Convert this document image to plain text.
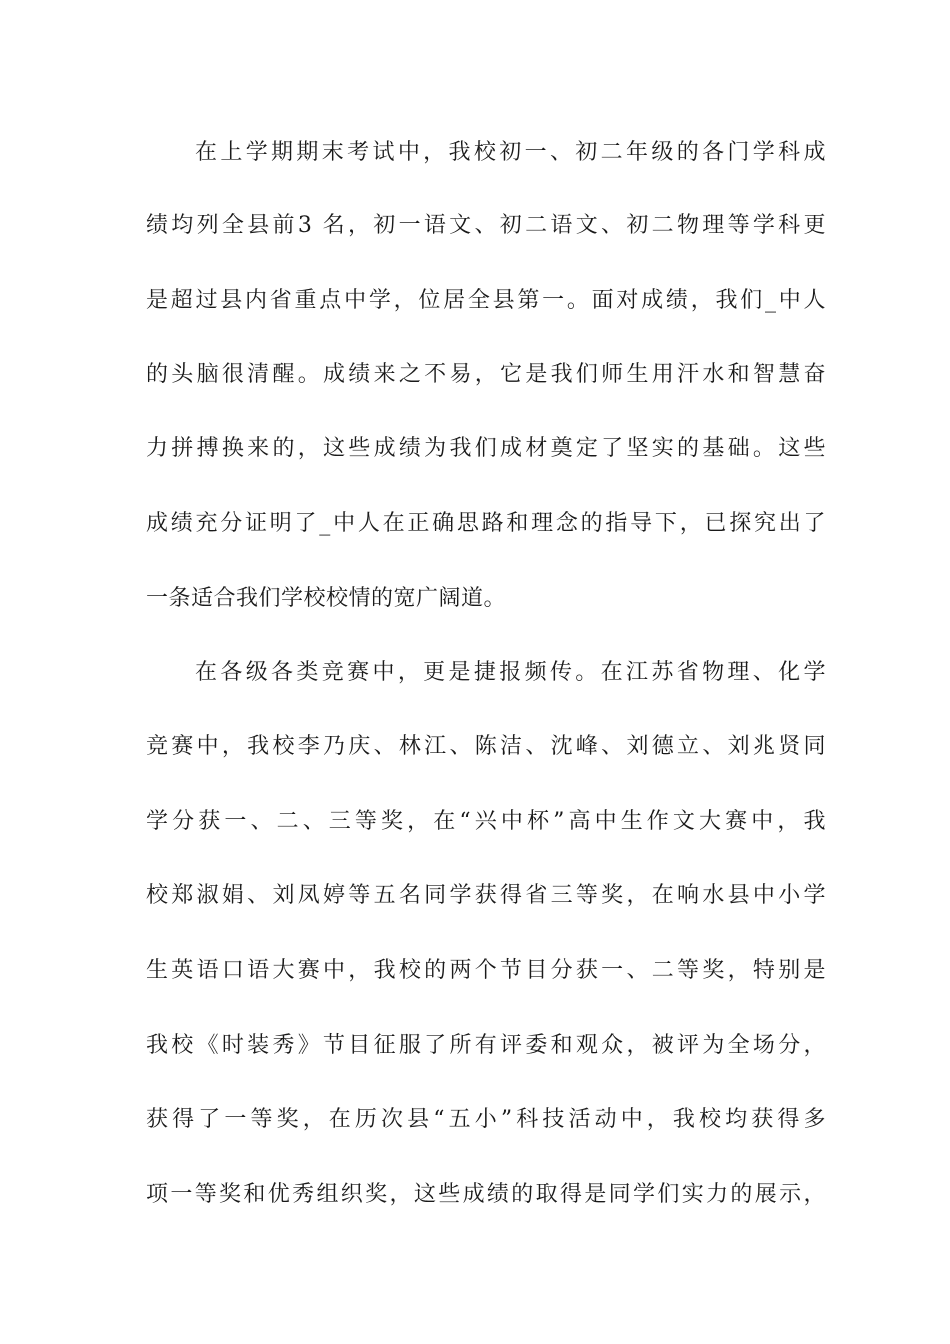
在上学期期末考试中，我校初一、初二年级的各门学科成
绩均列全县前3 名，初一语文、初二语文、初二物理等学科更
是超过县内省重点中学，位居全县第一。面对成绩，我们_中人
的头脑很清醒。成绩来之不易，它是我们师生用汗水和智慧奋
力拼搏换来的，这些成绩为我们成材奠定了坚实的基础。这些
成绩充分证明了_中人在正确思路和理念的指导下，已探究出了
一条适合我们学校校情的宽广阔道。
在各级各类竞赛中，更是捷报频传。在江苏省物理、化学
竞赛中，我校李乃庆、林江、陈洁、沈峰、刘德立、刘兆贤同
学分获一、二、三等奖，在“兴中杯”高中生作文大赛中，我
校郑淑娟、刘凤婷等五名同学获得省三等奖，在响水县中小学
生英语口语大赛中，我校的两个节目分获一、二等奖，特别是
我校《时装秀》节目征服了所有评委和观众，被评为全场分，
获得了一等奖，在历次县“五小”科技活动中，我校均获得多
项一等奖和优秀组织奖，这些成绩的取得是同学们实力的展示，
